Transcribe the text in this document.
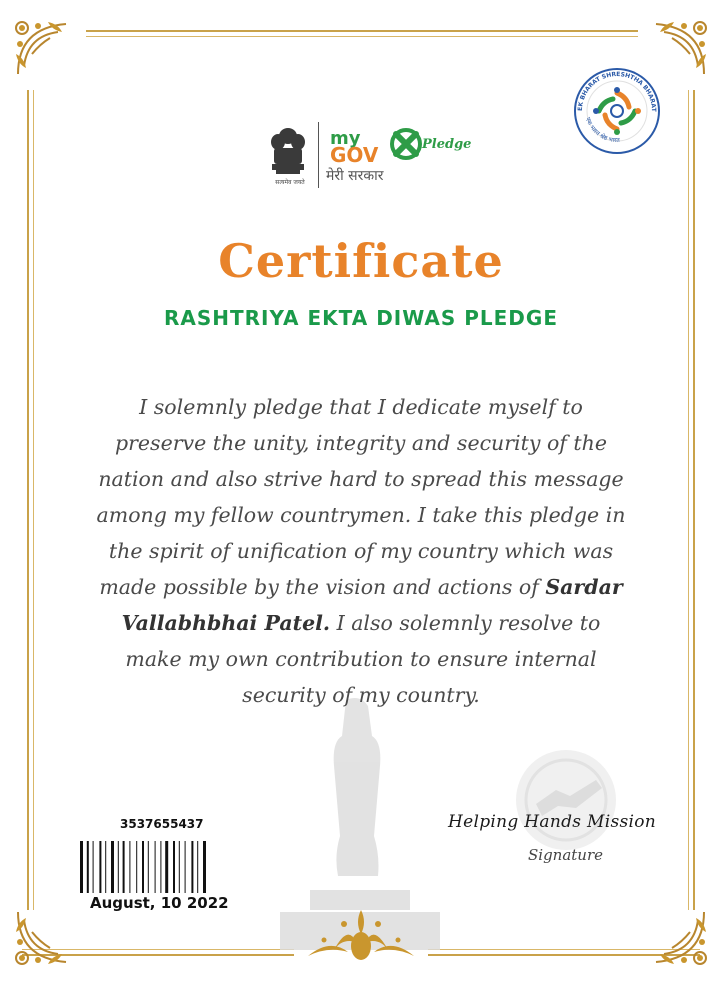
सत्यमेव जयते
my
GOV	Pledge
मेरी सरकार
EK BHARAT SHRESHTHA BHARAT
एक भारत श्रेष्ठ भारत
Certificate
RASHTRIYA EKTA DIWAS PLEDGE
I solemnly pledge that I dedicate myself to preserve the unity, integrity and security of the nation and also strive hard to spread this message among my fellow countrymen. I take this pledge in the spirit of unification of my country which was made possible by the vision and actions of Sardar Vallabhbhai Patel. I also solemnly resolve to make my own contribution to ensure internal security of my country.
3537655437
August, 10 2022
Helping Hands Mission
Signature
